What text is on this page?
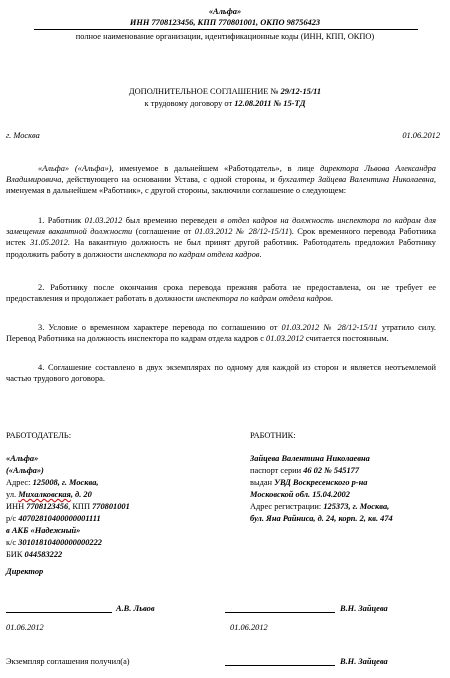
«Альфа»
ИНН 7708123456, КПП 770801001, ОКПО 98756423
полное наименование организации, идентификационные коды (ИНН, КПП, ОКПО)
ДОПОЛНИТЕЛЬНОЕ СОГЛАШЕНИЕ № 29/12-15/11
к трудовому договору от 12.08.2011 № 15-ТД
г. Москва	01.06.2012
«Альфа» («Альфа»), именуемое в дальнейшем «Работодатель», в лице директора Львова Александра Владимировича, действующего на основании Устава, с одной стороны, и бухгалтер Зайцева Валентина Николаевна, именуемая в дальнейшем «Работник», с другой стороны, заключили соглашение о следующем:
1. Работник 01.03.2012 был временно переведен в отдел кадров на должность инспектора по кадрам для замещения вакантной должности (соглашение от 01.03.2012 № 28/12-15/11). Срок временного перевода Работника истек 31.05.2012. На вакантную должность не был принят другой работник. Работодатель предложил Работнику продолжить работу в должности инспектора по кадрам отдела кадров.
2. Работнику после окончания срока перевода прежняя работа не предоставлена, он не требует ее предоставления и продолжает работать в должности инспектора по кадрам отдела кадров.
3. Условие о временном характере перевода по соглашению от 01.03.2012 № 28/12-15/11 утратило силу. Перевод Работника на должность инспектора по кадрам отдела кадров с 01.03.2012 считается постоянным.
4. Соглашение составлено в двух экземплярах по одному для каждой из сторон и является неотъемлемой частью трудового договора.
РАБОТОДАТЕЛЬ:
«Альфа»
(«Альфа»)
Адрес: 125008, г. Москва,
ул. Михалковская, д. 20
ИНН 7708123456, КПП 770801001
р/с 40702810400000001111
в АКБ «Надежный»
к/с 30101810400000000222
БИК 044583222
Директор
РАБОТНИК:
Зайцева Валентина Николаевна
паспорт серии 46 02 № 545177
выдан УВД Воскресенского р-на
Московской обл. 15.04.2002
Адрес регистрации: 125373, г. Москва,
бул. Яна Райниса, д. 24, корп. 2, кв. 474
А.В. Львов	В.Н. Зайцева
01.06.2012	01.06.2012
Экземпляр соглашения получил(а)	В.Н. Зайцева
